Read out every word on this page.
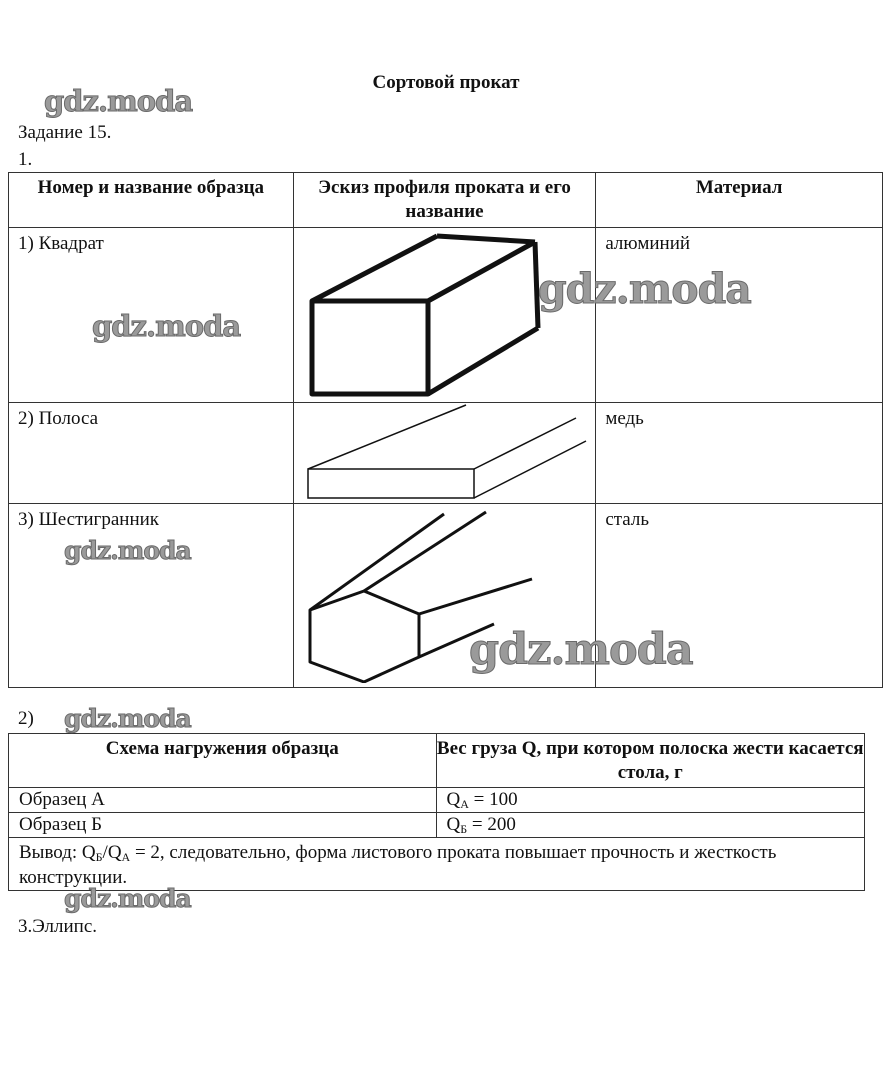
Сортовой прокат
Задание 15.
1.
Номер и название образца	Эскиз профиля проката и его название	Материал
1) Квадрат		алюминий
2) Полоса		медь
3) Шестигранник		сталь
2)
Схема нагружения образца	Вес груза Q, при котором полоска жести касается стола, г
Образец А	$Q_A = 100$
Образец Б	$Q_Б = 200$
Вывод: $Q_Б/Q_A = 2$, следовательно, форма листового проката повышает прочность и жесткость конструкции.	
3.Эллипс.
gdz.moda
gdz.moda
gdz.moda
gdz.moda
gdz.moda
gdz.moda
gdz.moda
